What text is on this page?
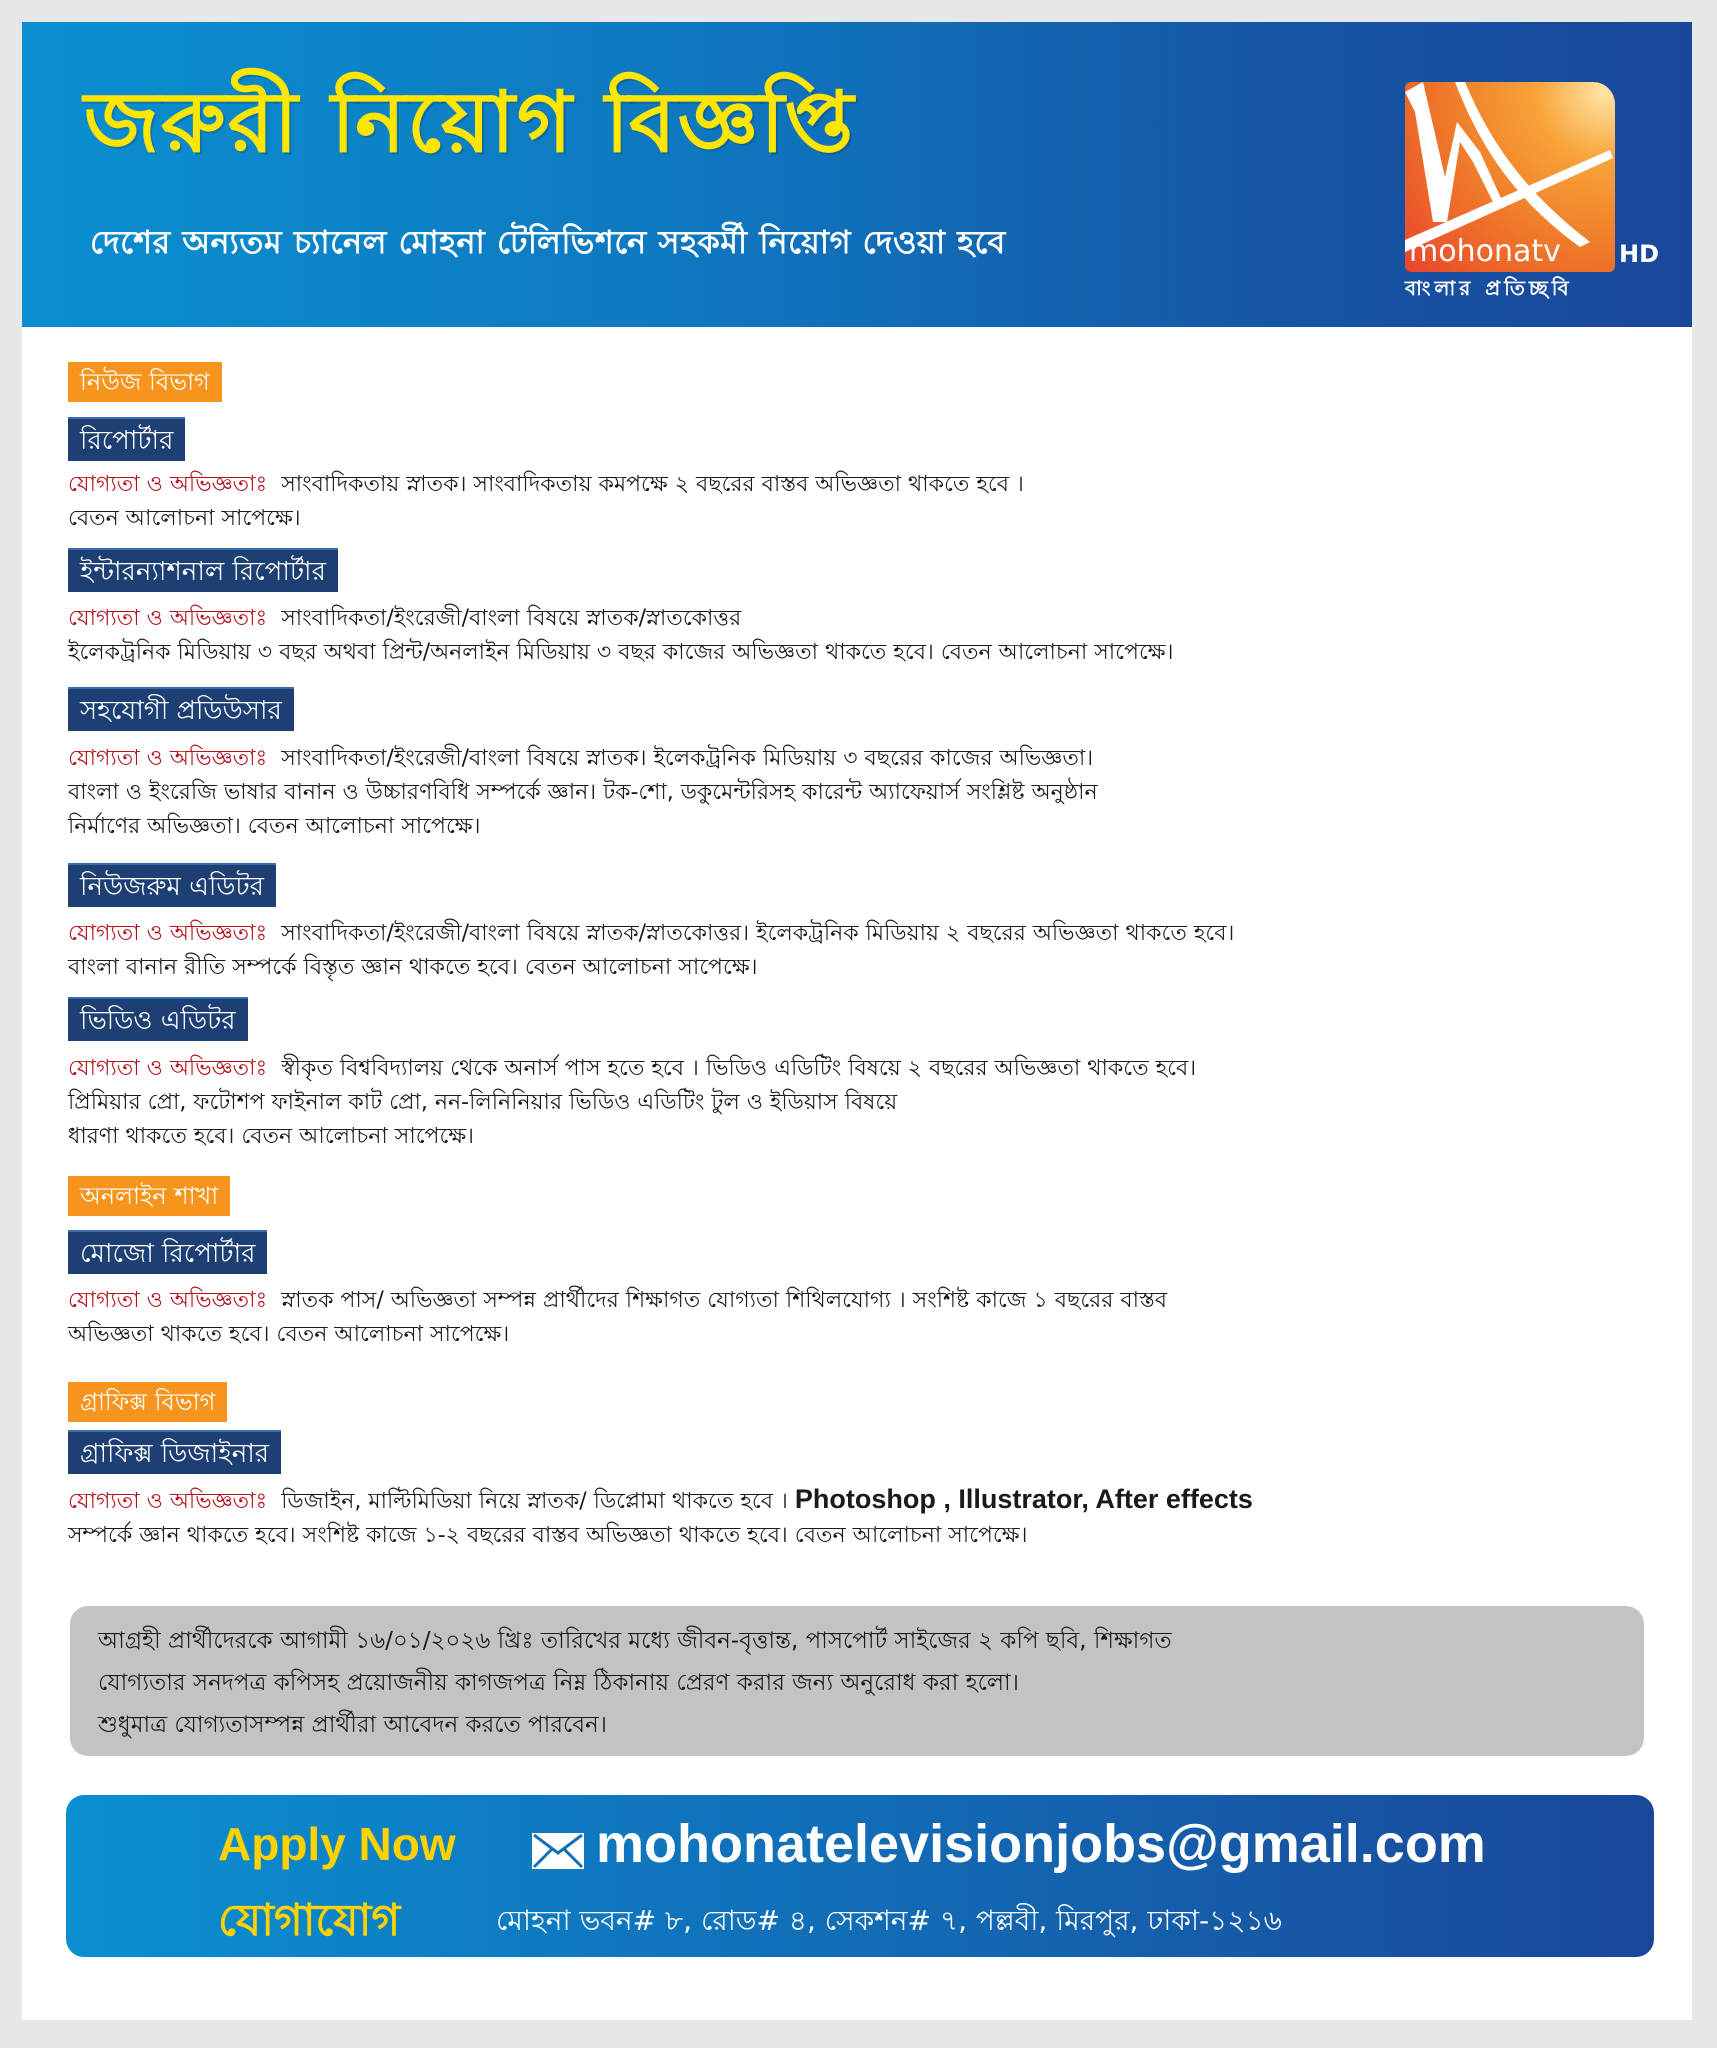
জরুরী নিয়োগ বিজ্ঞপ্তি
দেশের অন্যতম চ্যানেল মোহনা টেলিভিশনে সহকর্মী নিয়োগ দেওয়া হবে	mohonatv HD
বাংলার প্রতিচ্ছবি
নিউজ বিভাগ
রিপোর্টার
যোগ্যতা ও অভিজ্ঞতাঃ সাংবাদিকতায় স্নাতক। সাংবাদিকতায় কমপক্ষে ২ বছরের বাস্তব অভিজ্ঞতা থাকতে হবে ।
বেতন আলোচনা সাপেক্ষে।
ইন্টারন্যাশনাল রিপোর্টার
যোগ্যতা ও অভিজ্ঞতাঃ সাংবাদিকতা/ইংরেজী/বাংলা বিষয়ে স্নাতক/স্নাতকোত্তর
ইলেকট্রনিক মিডিয়ায় ৩ বছর অথবা প্রিন্ট/অনলাইন মিডিয়ায় ৩ বছর কাজের অভিজ্ঞতা থাকতে হবে। বেতন আলোচনা সাপেক্ষে।
সহযোগী প্রডিউসার
যোগ্যতা ও অভিজ্ঞতাঃ সাংবাদিকতা/ইংরেজী/বাংলা বিষয়ে স্নাতক। ইলেকট্রনিক মিডিয়ায় ৩ বছরের কাজের অভিজ্ঞতা।
বাংলা ও ইংরেজি ভাষার বানান ও উচ্চারণবিধি সম্পর্কে জ্ঞান। টক-শো, ডকুমেন্টরিসহ কারেন্ট অ্যাফেয়ার্স সংশ্লিষ্ট অনুষ্ঠান
নির্মাণের অভিজ্ঞতা। বেতন আলোচনা সাপেক্ষে।
নিউজরুম এডিটর
যোগ্যতা ও অভিজ্ঞতাঃ সাংবাদিকতা/ইংরেজী/বাংলা বিষয়ে স্নাতক/স্নাতকোত্তর। ইলেকট্রনিক মিডিয়ায় ২ বছরের অভিজ্ঞতা থাকতে হবে।
বাংলা বানান রীতি সম্পর্কে বিস্তৃত জ্ঞান থাকতে হবে। বেতন আলোচনা সাপেক্ষে।
ভিডিও এডিটর
যোগ্যতা ও অভিজ্ঞতাঃ স্বীকৃত বিশ্ববিদ্যালয় থেকে অনার্স পাস হতে হবে । ভিডিও এডিটিং বিষয়ে ২ বছরের অভিজ্ঞতা থাকতে হবে।
প্রিমিয়ার প্রো, ফটোশপ ফাইনাল কাট প্রো, নন-লিনিনিয়ার ভিডিও এডিটিং টুল ও ইডিয়াস বিষয়ে
ধারণা থাকতে হবে। বেতন আলোচনা সাপেক্ষে।
অনলাইন শাখা
মোজো রিপোর্টার
যোগ্যতা ও অভিজ্ঞতাঃ স্নাতক পাস/ অভিজ্ঞতা সম্পন্ন প্রার্থীদের শিক্ষাগত যোগ্যতা শিথিলযোগ্য । সংশিষ্ট কাজে ১ বছরের বাস্তব
অভিজ্ঞতা থাকতে হবে। বেতন আলোচনা সাপেক্ষে।
গ্রাফিক্স বিভাগ
গ্রাফিক্স ডিজাইনার
যোগ্যতা ও অভিজ্ঞতাঃ ডিজাইন, মাল্টিমিডিয়া নিয়ে স্নাতক/ ডিপ্লোমা থাকতে হবে । Photoshop , Illustrator, After effects
সম্পর্কে জ্ঞান থাকতে হবে। সংশিষ্ট কাজে ১-২ বছরের বাস্তব অভিজ্ঞতা থাকতে হবে। বেতন আলোচনা সাপেক্ষে।
আগ্রহী প্রার্থীদেরকে আগামী ১৬/০১/২০২৬ খ্রিঃ তারিখের মধ্যে জীবন-বৃত্তান্ত, পাসপোর্ট সাইজের ২ কপি ছবি, শিক্ষাগত
যোগ্যতার সনদপত্র কপিসহ প্রয়োজনীয় কাগজপত্র নিম্ন ঠিকানায় প্রেরণ করার জন্য অনুরোধ করা হলো।
শুধুমাত্র যোগ্যতাসম্পন্ন প্রার্থীরা আবেদন করতে পারবেন।
Apply Now	mohonatelevisionjobs@gmail.com
যোগাযোগ	মোহনা ভবন# ৮, রোড# ৪, সেকশন# ৭, পল্লবী, মিরপুর, ঢাকা-১২১৬
